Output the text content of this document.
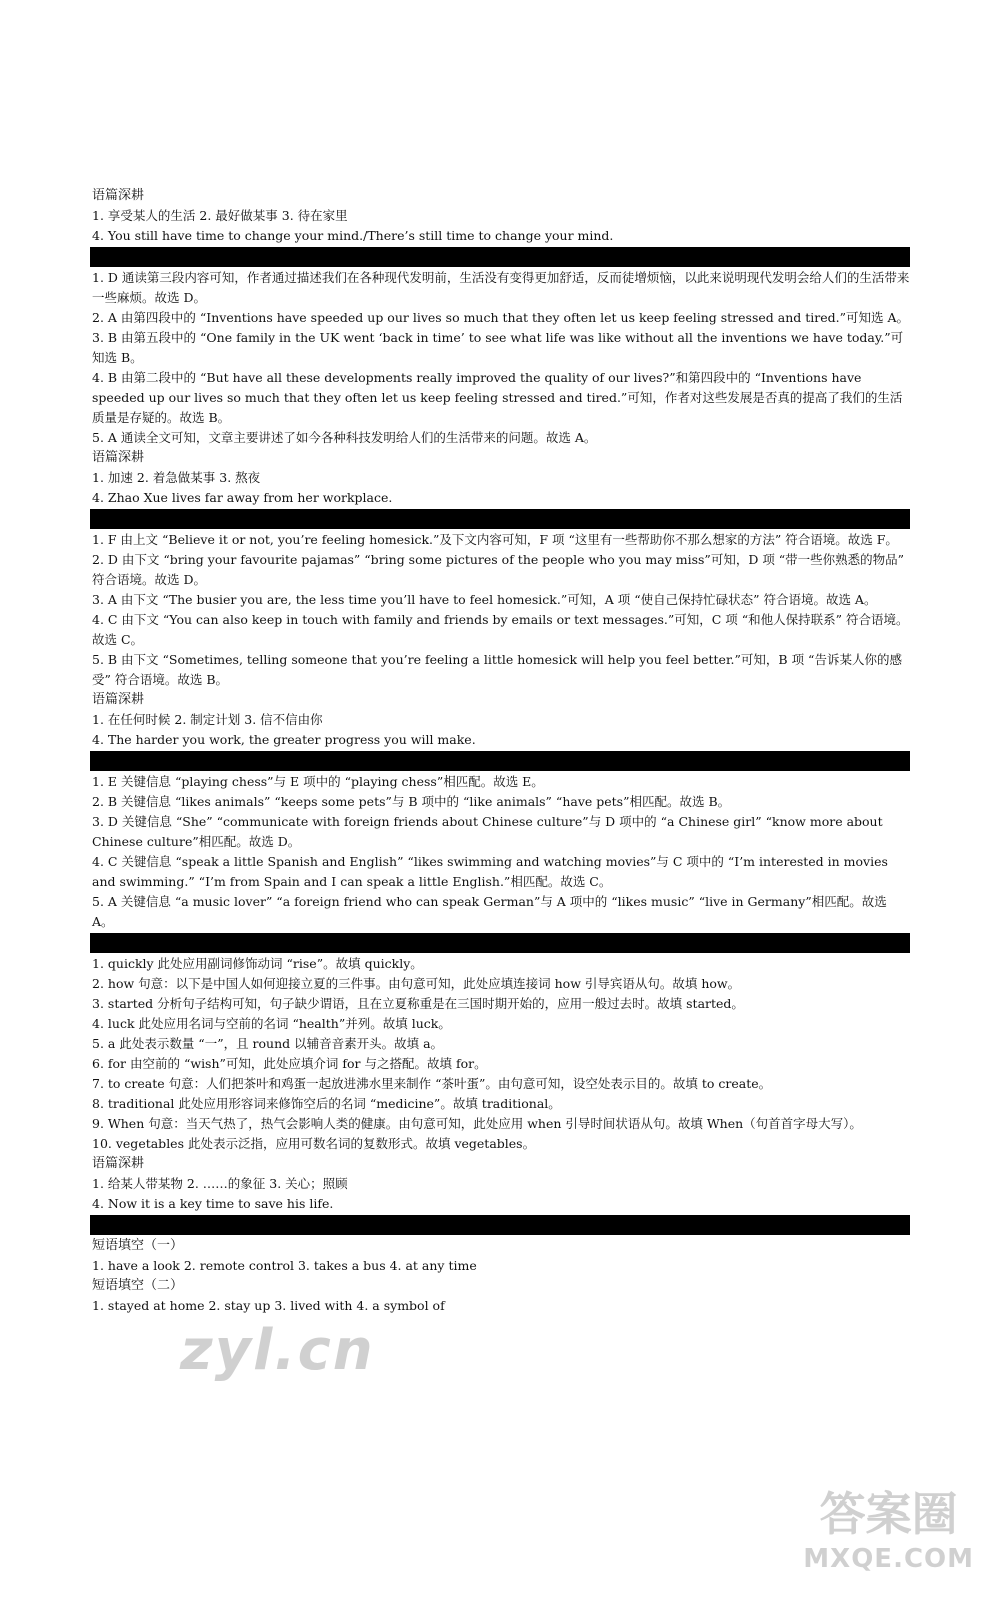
语篇深耕
1. 享受某人的生活 2. 最好做某事 3. 待在家里
4. You still have time to change your mind./There’s still time to change your mind.
1. D 通读第三段内容可知，作者通过描述我们在各种现代发明前，生活没有变得更加舒适，反而徒增烦恼，以此来说明现代发明会给人们的生活带来一些麻烦。故选 D。
2. A 由第四段中的 “Inventions have speeded up our lives so much that they often let us keep feeling stressed and tired.”可知选 A。
3. B 由第五段中的 “One family in the UK went ‘back in time’ to see what life was like without all the inventions we have today.”可知选 B。
4. B 由第二段中的 “But have all these developments really improved the quality of our lives?”和第四段中的 “Inventions have speeded up our lives so much that they often let us keep feeling stressed and tired.”可知，作者对这些发展是否真的提高了我们的生活质量是存疑的。故选 B。
5. A 通读全文可知，文章主要讲述了如今各种科技发明给人们的生活带来的问题。故选 A。
语篇深耕
1. 加速 2. 着急做某事 3. 熬夜
4. Zhao Xue lives far away from her workplace.
1. F 由上文 “Believe it or not, you’re feeling homesick.”及下文内容可知，F 项 “这里有一些帮助你不那么想家的方法” 符合语境。故选 F。
2. D 由下文 “bring your favourite pajamas” “bring some pictures of the people who you may miss”可知，D 项 “带一些你熟悉的物品” 符合语境。故选 D。
3. A 由下文 “The busier you are, the less time you’ll have to feel homesick.”可知，A 项 “使自己保持忙碌状态” 符合语境。故选 A。
4. C 由下文 “You can also keep in touch with family and friends by emails or text messages.”可知，C 项 “和他人保持联系” 符合语境。故选 C。
5. B 由下文 “Sometimes, telling someone that you’re feeling a little homesick will help you feel better.”可知，B 项 “告诉某人你的感受” 符合语境。故选 B。
语篇深耕
1. 在任何时候 2. 制定计划 3. 信不信由你
4. The harder you work, the greater progress you will make.
1. E 关键信息 “playing chess”与 E 项中的 “playing chess”相匹配。故选 E。
2. B 关键信息 “likes animals” “keeps some pets”与 B 项中的 “like animals” “have pets”相匹配。故选 B。
3. D 关键信息 “She” “communicate with foreign friends about Chinese culture”与 D 项中的 “a Chinese girl” “know more about Chinese culture”相匹配。故选 D。
4. C 关键信息 “speak a little Spanish and English” “likes swimming and watching movies”与 C 项中的 “I’m interested in movies and swimming.” “I’m from Spain and I can speak a little English.”相匹配。故选 C。
5. A 关键信息 “a music lover” “a foreign friend who can speak German”与 A 项中的 “likes music” “live in Germany”相匹配。故选 A。
1. quickly 此处应用副词修饰动词 “rise”。故填 quickly。
2. how 句意：以下是中国人如何迎接立夏的三件事。由句意可知，此处应填连接词 how 引导宾语从句。故填 how。
3. started 分析句子结构可知，句子缺少谓语，且在立夏称重是在三国时期开始的，应用一般过去时。故填 started。
4. luck 此处应用名词与空前的名词 “health”并列。故填 luck。
5. a 此处表示数量 “一”，且 round 以辅音音素开头。故填 a。
6. for 由空前的 “wish”可知，此处应填介词 for 与之搭配。故填 for。
7. to create 句意：人们把茶叶和鸡蛋一起放进沸水里来制作 “茶叶蛋”。由句意可知，设空处表示目的。故填 to create。
8. traditional 此处应用形容词来修饰空后的名词 “medicine”。故填 traditional。
9. When 句意：当天气热了，热气会影响人类的健康。由句意可知，此处应用 when 引导时间状语从句。故填 When（句首首字母大写）。
10. vegetables 此处表示泛指，应用可数名词的复数形式。故填 vegetables。
语篇深耕
1. 给某人带某物 2. ……的象征 3. 关心；照顾
4. Now it is a key time to save his life.
短语填空（一）
1. have a look 2. remote control 3. takes a bus 4. at any time
短语填空（二）
1. stayed at home 2. stay up 3. lived with 4. a symbol of
zyl.cn
答案圈
MXQE.COM
